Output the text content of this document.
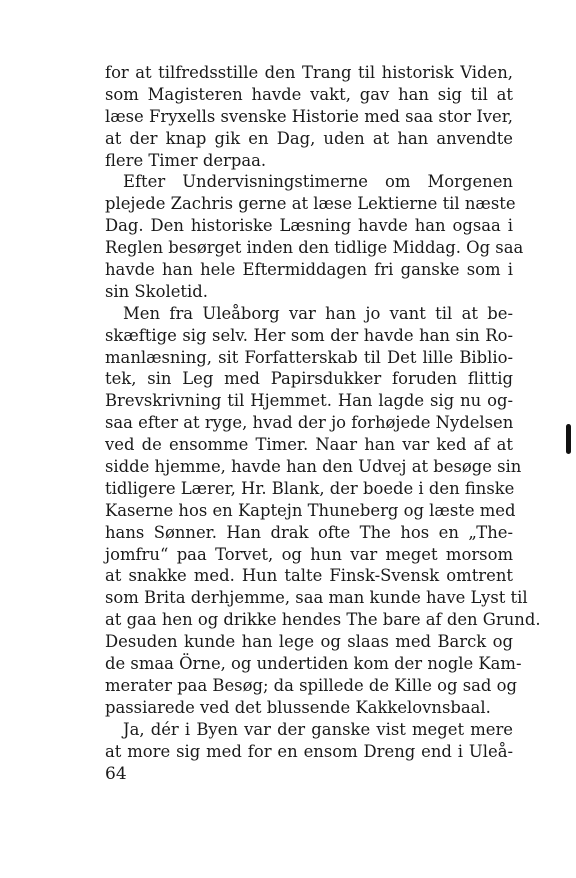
for at tilfredsstille den Trang til historisk Viden,
som Magisteren havde vakt, gav han sig til at
læse Fryxells svenske Historie med saa stor Iver,
at der knap gik en Dag, uden at han anvendte
flere Timer derpaa.
Efter Undervisningstimerne om Morgenen
plejede Zachris gerne at læse Lektierne til næste
Dag. Den historiske Læsning havde han ogsaa i
Reglen besørget inden den tidlige Middag. Og saa
havde han hele Eftermiddagen fri ganske som i
sin Skoletid.
Men fra Uleåborg var han jo vant til at be-
skæftige sig selv. Her som der havde han sin Ro-
manlæsning, sit Forfatterskab til Det lille Biblio-
tek, sin Leg med Papirsdukker foruden flittig
Brevskrivning til Hjemmet. Han lagde sig nu og-
saa efter at ryge, hvad der jo forhøjede Nydelsen
ved de ensomme Timer. Naar han var ked af at
sidde hjemme, havde han den Udvej at besøge sin
tidligere Lærer, Hr. Blank, der boede i den finske
Kaserne hos en Kaptejn Thuneberg og læste med
hans Sønner. Han drak ofte The hos en „The-
jomfru“ paa Torvet, og hun var meget morsom
at snakke med. Hun talte Finsk-Svensk omtrent
som Brita derhjemme, saa man kunde have Lyst til
at gaa hen og drikke hendes The bare af den Grund.
Desuden kunde han lege og slaas med Barck og
de smaa Örne, og undertiden kom der nogle Kam-
merater paa Besøg; da spillede de Kille og sad og
passiarede ved det blussende Kakkelovnsbaal.
Ja, dér i Byen var der ganske vist meget mere
at more sig med for en ensom Dreng end i Uleå-
64
